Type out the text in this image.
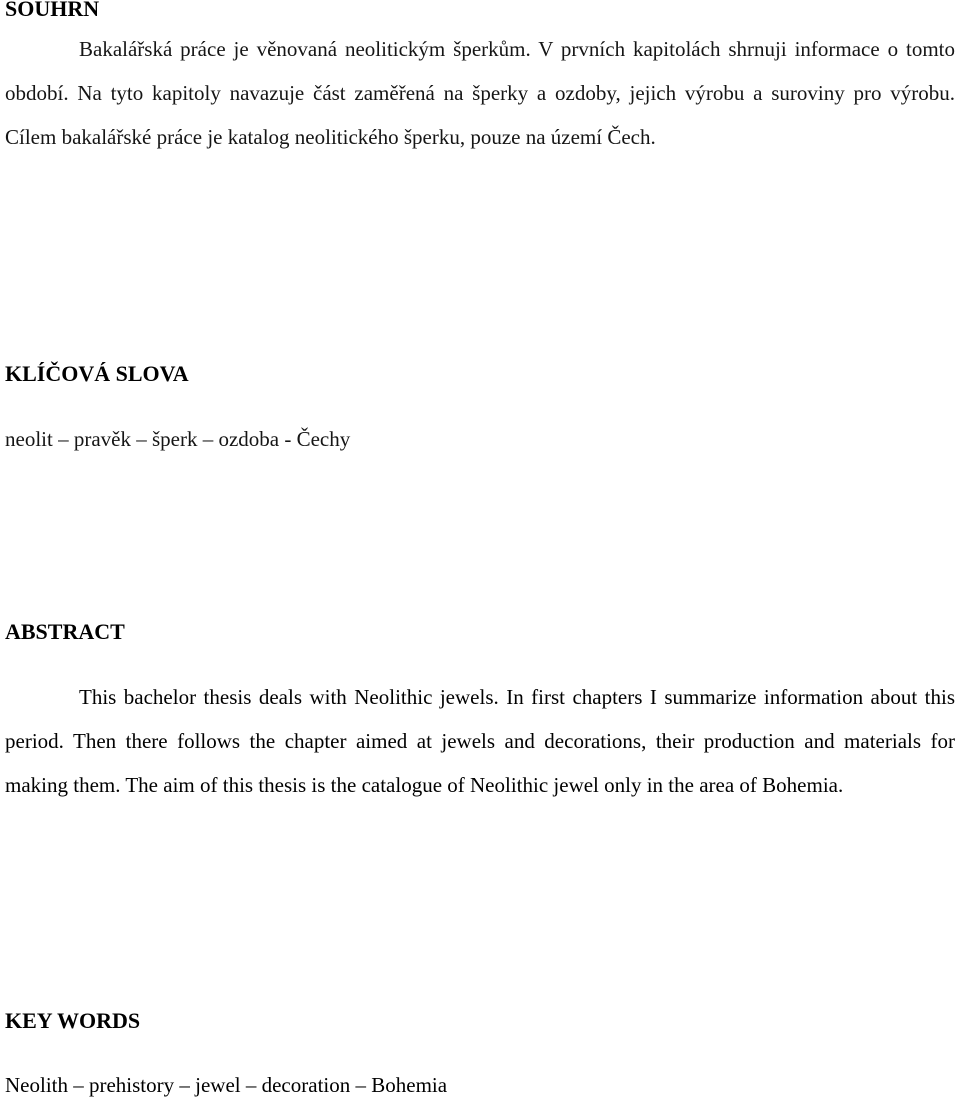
SOUHRN

Bakalářská práce je věnovaná neolitickým šperkům. V prvních kapitolách shrnuji informace o tomto období. Na tyto kapitoly navazuje část zaměřená na šperky a ozdoby, jejich výrobu a suroviny pro výrobu. Cílem bakalářské práce je katalog neolitického šperku, pouze na území Čech.

KLÍČOVÁ SLOVA

neolit – pravěk – šperk – ozdoba - Čechy

ABSTRACT

This bachelor thesis deals with Neolithic jewels. In first chapters I summarize information about this period. Then there follows the chapter aimed at jewels and decorations, their production and materials for making them. The aim of this thesis is the catalogue of Neolithic jewel only in the area of Bohemia.

KEY WORDS

Neolith – prehistory – jewel – decoration – Bohemia
